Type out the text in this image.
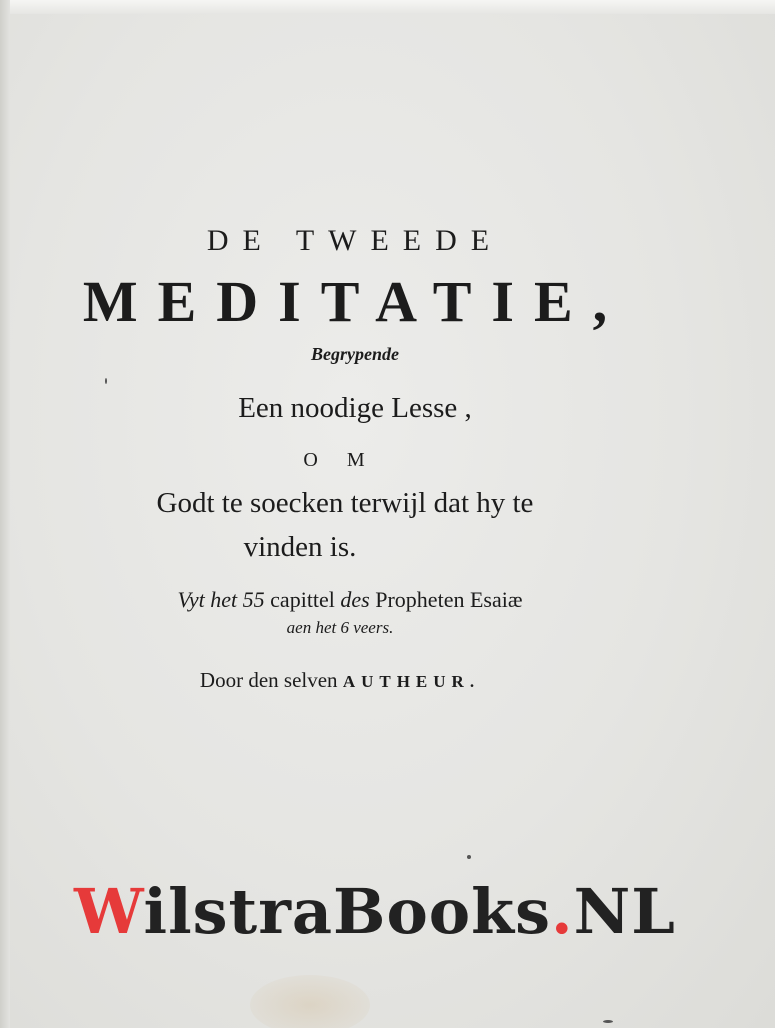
DE TWEEDE
MEDITATIE,
Begrypende
Een noodige Lesse ,
O M
Godt te soecken terwijl dat hy te
vinden is.
Vyt het 55 capittel des Propheten Esaiæ
aen het 6 veers.
Door den selven AUTHEUR.
WilstraBooks.NL
